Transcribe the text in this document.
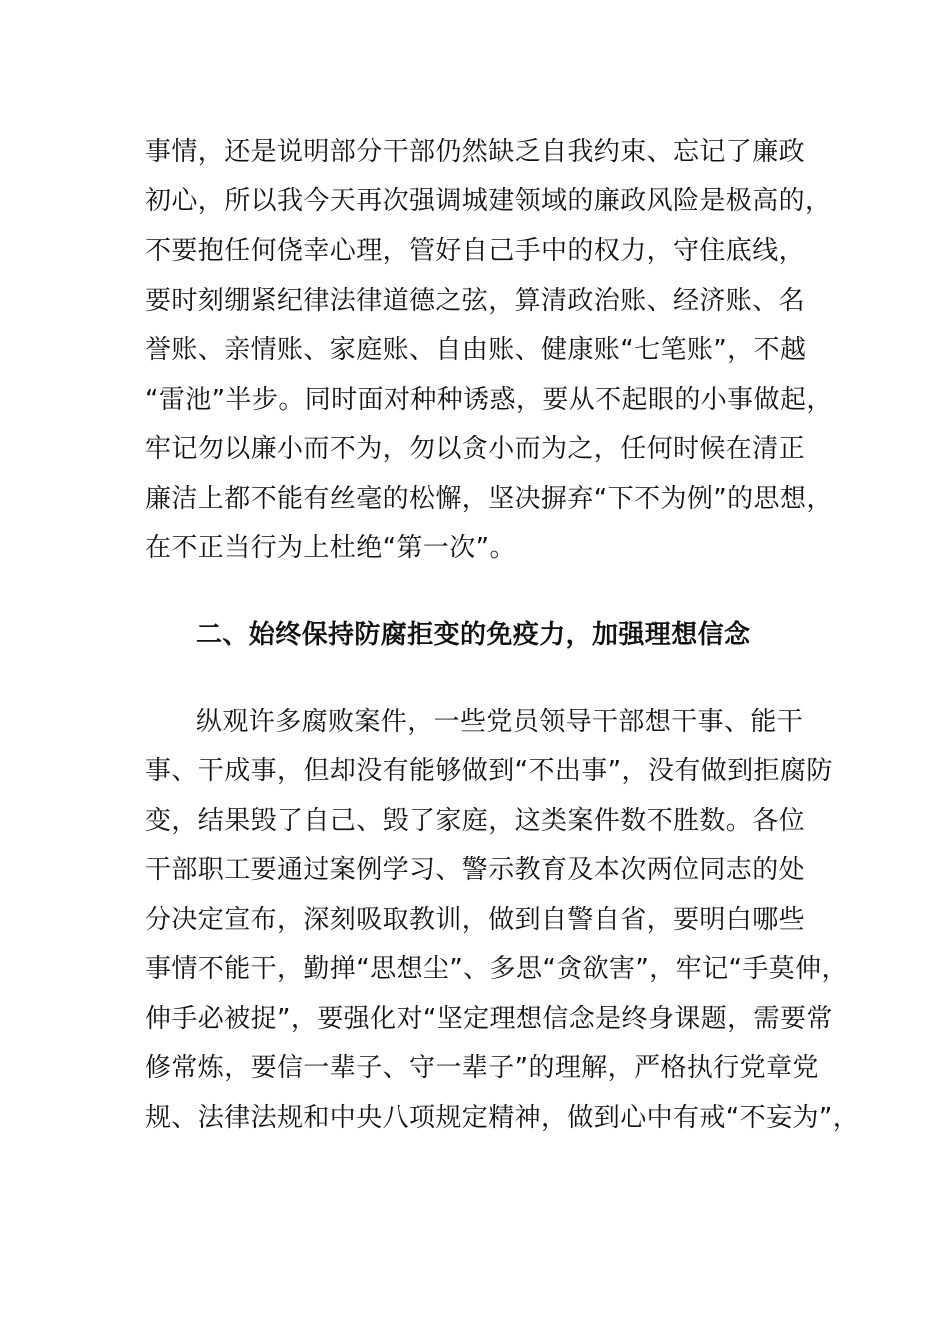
事情，还是说明部分干部仍然缺乏自我约束、忘记了廉政
初心，所以我今天再次强调城建领域的廉政风险是极高的，
不要抱任何侥幸心理，管好自己手中的权力，守住底线，
要时刻绷紧纪律法律道德之弦，算清政治账、经济账、名
誉账、亲情账、家庭账、自由账、健康账“七笔账”，不越
“雷池”半步。同时面对种种诱惑，要从不起眼的小事做起，
牢记勿以廉小而不为，勿以贪小而为之，任何时候在清正
廉洁上都不能有丝毫的松懈，坚决摒弃“下不为例”的思想，
在不正当行为上杜绝“第一次”。
二、始终保持防腐拒变的免疫力，加强理想信念
纵观许多腐败案件，一些党员领导干部想干事、能干
事、干成事，但却没有能够做到“不出事”，没有做到拒腐防
变，结果毁了自己、毁了家庭，这类案件数不胜数。各位
干部职工要通过案例学习、警示教育及本次两位同志的处
分决定宣布，深刻吸取教训，做到自警自省，要明白哪些
事情不能干，勤掸“思想尘”、多思“贪欲害”，牢记“手莫伸，
伸手必被捉”，要强化对“坚定理想信念是终身课题，需要常
修常炼，要信一辈子、守一辈子”的理解，严格执行党章党
规、法律法规和中央八项规定精神，做到心中有戒“不妄为”，
